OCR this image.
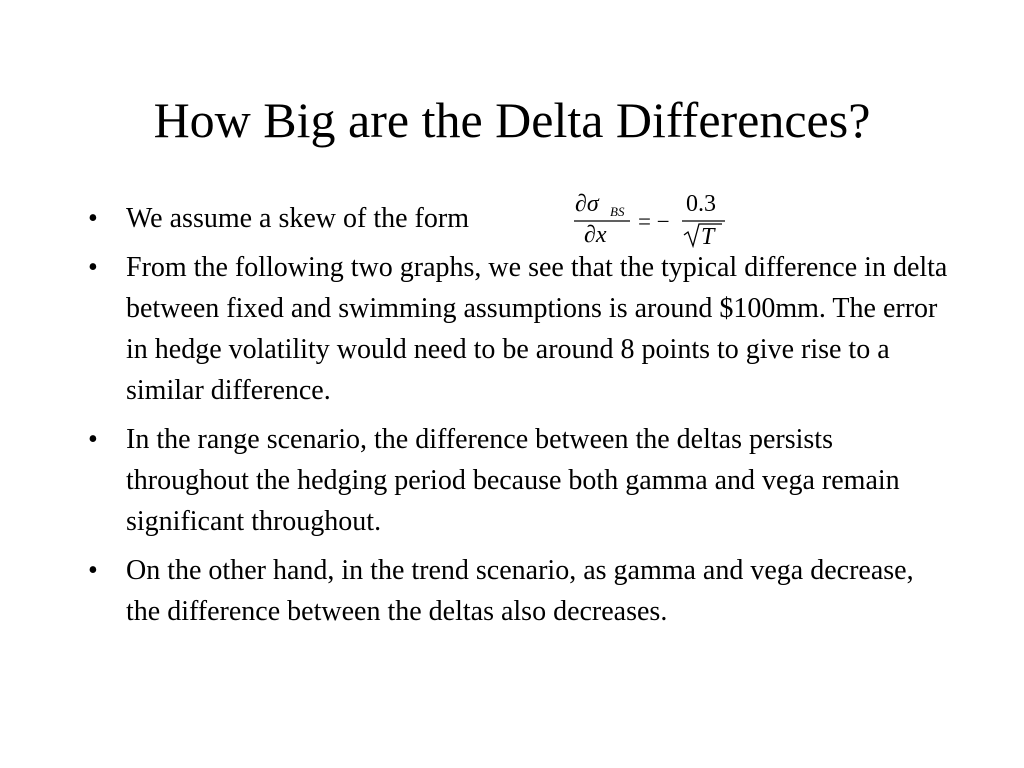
How Big are the Delta Differences?
•	We assume a skew of the form	∂σ BS
∂x
= −
0.3
T
•	From the following two graphs, we see that the typical difference in delta between fixed and swimming assumptions is around $100mm. The error in hedge volatility would need to be around 8 points to give rise to a similar difference.
•	In the range scenario, the difference between the deltas persists throughout the hedging period because both gamma and vega remain significant throughout.
•	On the other hand, in the trend scenario, as gamma and vega decrease, the difference between the deltas also decreases.
